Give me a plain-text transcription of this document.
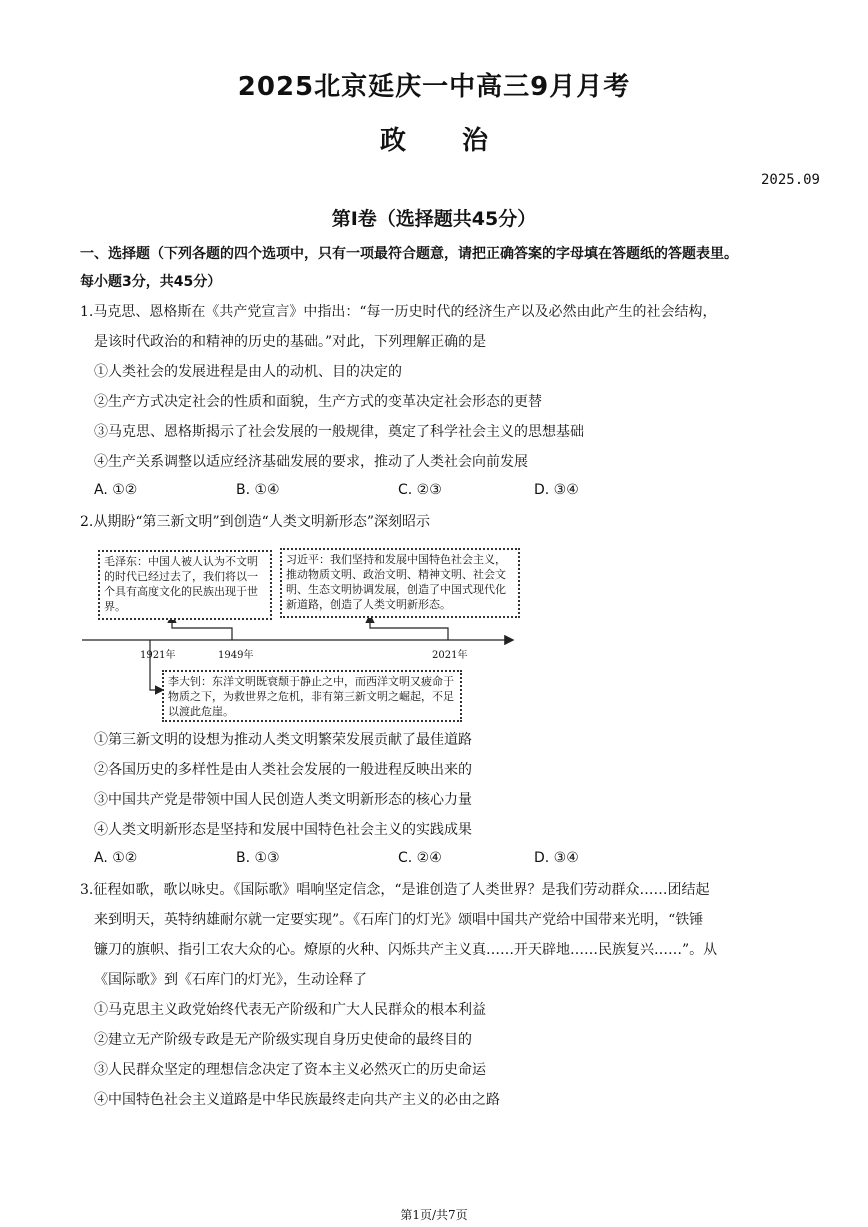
2025北京延庆一中高三9月月考
政 治
2025.09
第Ⅰ卷（选择题共45分）
一、选择题（下列各题的四个选项中，只有一项最符合题意，请把正确答案的字母填在答题纸的答题表里。
每小题3分，共45分）
1.马克思、恩格斯在《共产党宣言》中指出：“每一历史时代的经济生产以及必然由此产生的社会结构，
是该时代政治的和精神的历史的基础。”对此，下列理解正确的是
①人类社会的发展进程是由人的动机、目的决定的
②生产方式决定社会的性质和面貌，生产方式的变革决定社会形态的更替
③马克思、恩格斯揭示了社会发展的一般规律，奠定了科学社会主义的思想基础
④生产关系调整以适应经济基础发展的要求，推动了人类社会向前发展
A. ①②	B. ①④	C. ②③	D. ③④
2.从期盼“第三新文明”到创造“人类文明新形态”深刻昭示
毛泽东：中国人被人认为不文明的时代已经过去了，我们将以一个具有高度文化的民族出现于世界。
习近平：我们坚持和发展中国特色社会主义，推动物质文明、政治文明、精神文明、社会文明、生态文明协调发展，创造了中国式现代化新道路，创造了人类文明新形态。
李大钊：东洋文明既衰颓于静止之中，而西洋文明又疲命于物质之下，为救世界之危机，非有第三新文明之崛起，不足以渡此危崖。
1921年	1949年	2021年
①第三新文明的设想为推动人类文明繁荣发展贡献了最佳道路
②各国历史的多样性是由人类社会发展的一般进程反映出来的
③中国共产党是带领中国人民创造人类文明新形态的核心力量
④人类文明新形态是坚持和发展中国特色社会主义的实践成果
A. ①②	B. ①③	C. ②④	D. ③④
3.征程如歌，歌以咏史。《国际歌》唱响坚定信念，“是谁创造了人类世界？是我们劳动群众……团结起
来到明天，英特纳雄耐尔就一定要实现”。《石库门的灯光》颂唱中国共产党给中国带来光明，“铁锤
镰刀的旗帜、指引工农大众的心。燎原的火种、闪烁共产主义真……开天辟地……民族复兴……”。从
《国际歌》到《石库门的灯光》，生动诠释了
①马克思主义政党始终代表无产阶级和广大人民群众的根本利益
②建立无产阶级专政是无产阶级实现自身历史使命的最终目的
③人民群众坚定的理想信念决定了资本主义必然灭亡的历史命运
④中国特色社会主义道路是中华民族最终走向共产主义的必由之路
第1页/共7页
